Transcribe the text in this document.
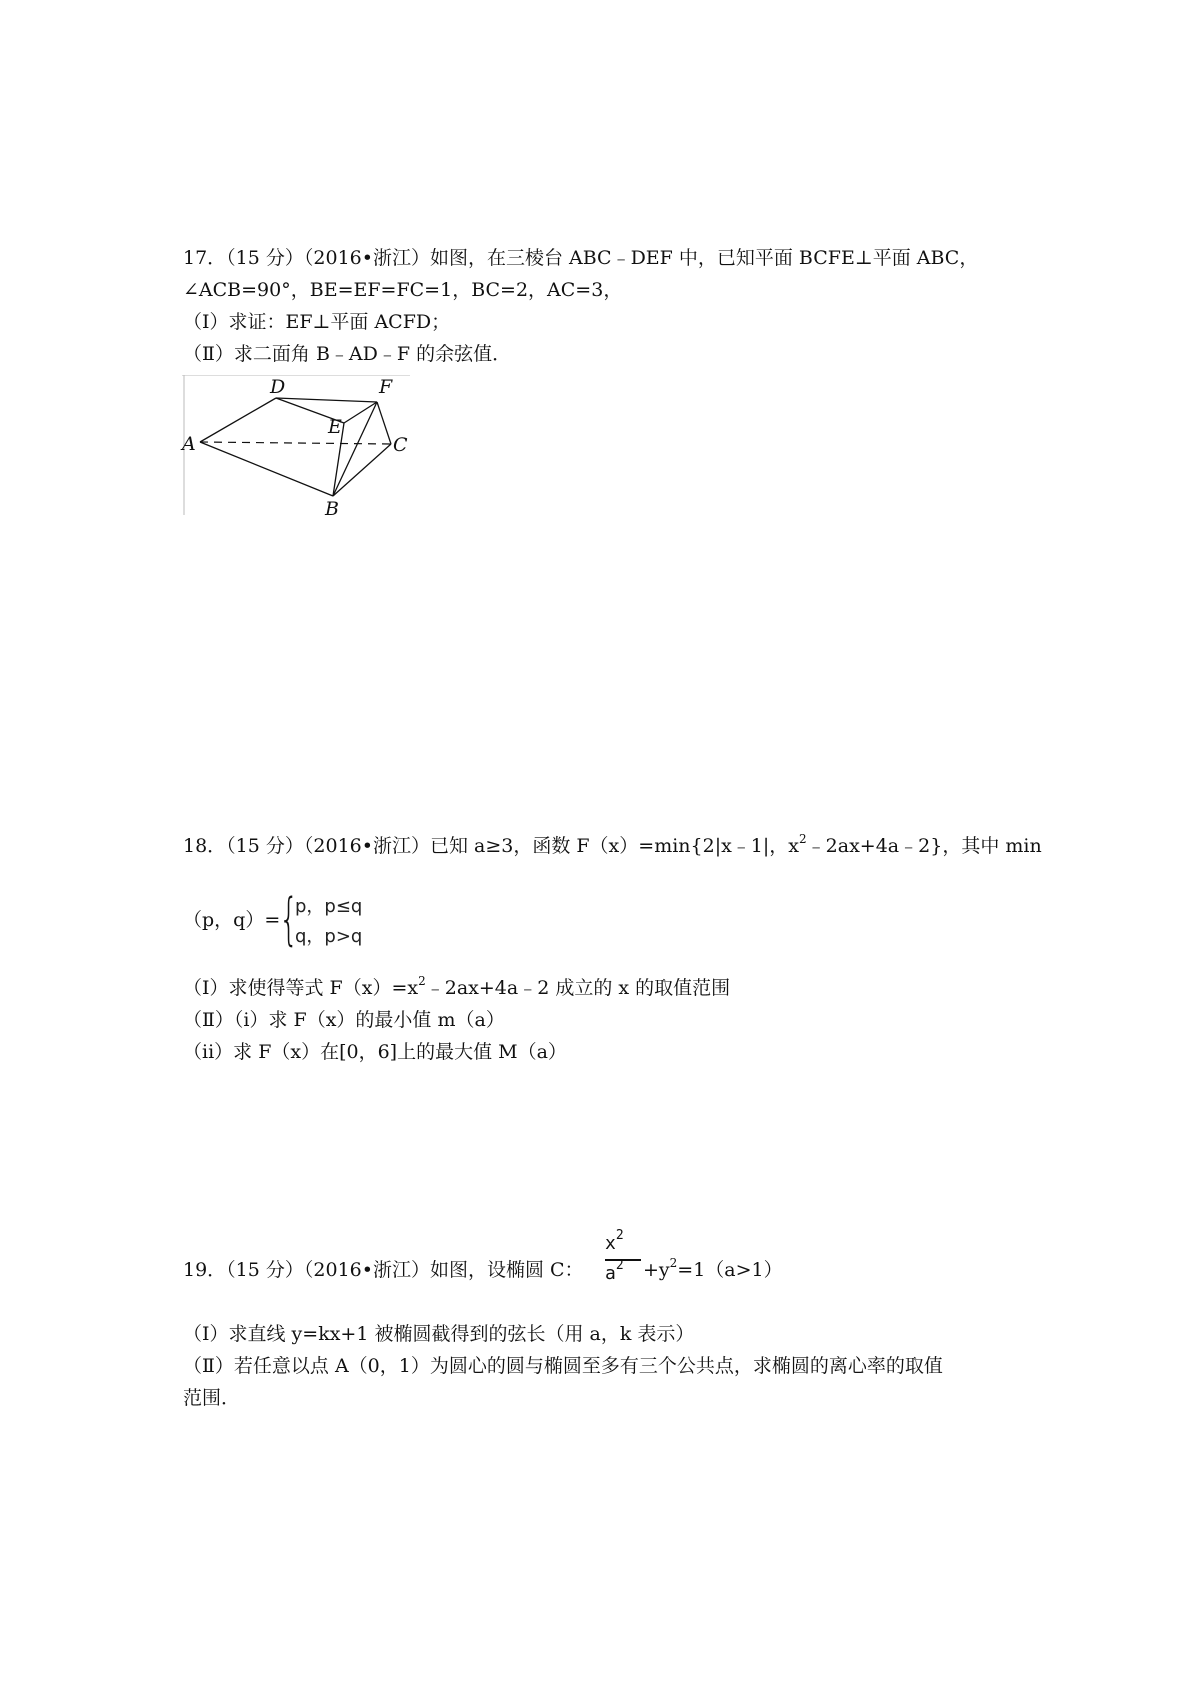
17．（15 分）（2016•浙江）如图，在三棱台 ABC﹣DEF 中，已知平面 BCFE⊥平面 ABC，
∠ACB=90°，BE=EF=FC=1，BC=2，AC=3，
（Ⅰ）求证：EF⊥平面 ACFD；
（Ⅱ）求二面角 B﹣AD﹣F 的余弦值．
A
B
C
D
E
F
18．（15 分）（2016•浙江）已知 a≥3，函数 F（x）=min{2|x﹣1|，$x^2﹣2ax+4a﹣2$}，其中 min
（p，q）=
{
p，p≤q
q，p>q
（Ⅰ）求使得等式 $F(x)=x^2﹣2ax+4a﹣2$ 成立的 x 的取值范围
（Ⅱ）（i）求 F（x）的最小值 m（a）
（ii）求 F（x）在[0，6]上的最大值 M（a）
19．（15 分）（2016•浙江）如图，设椭圆 C：
$x^2$
$a^2 +y^2=1(a>1)$
（Ⅰ）求直线 y=kx+1 被椭圆截得到的弦长（用 a，k 表示）
（Ⅱ）若任意以点 A（0，1）为圆心的圆与椭圆至多有三个公共点，求椭圆的离心率的取值
范围．
